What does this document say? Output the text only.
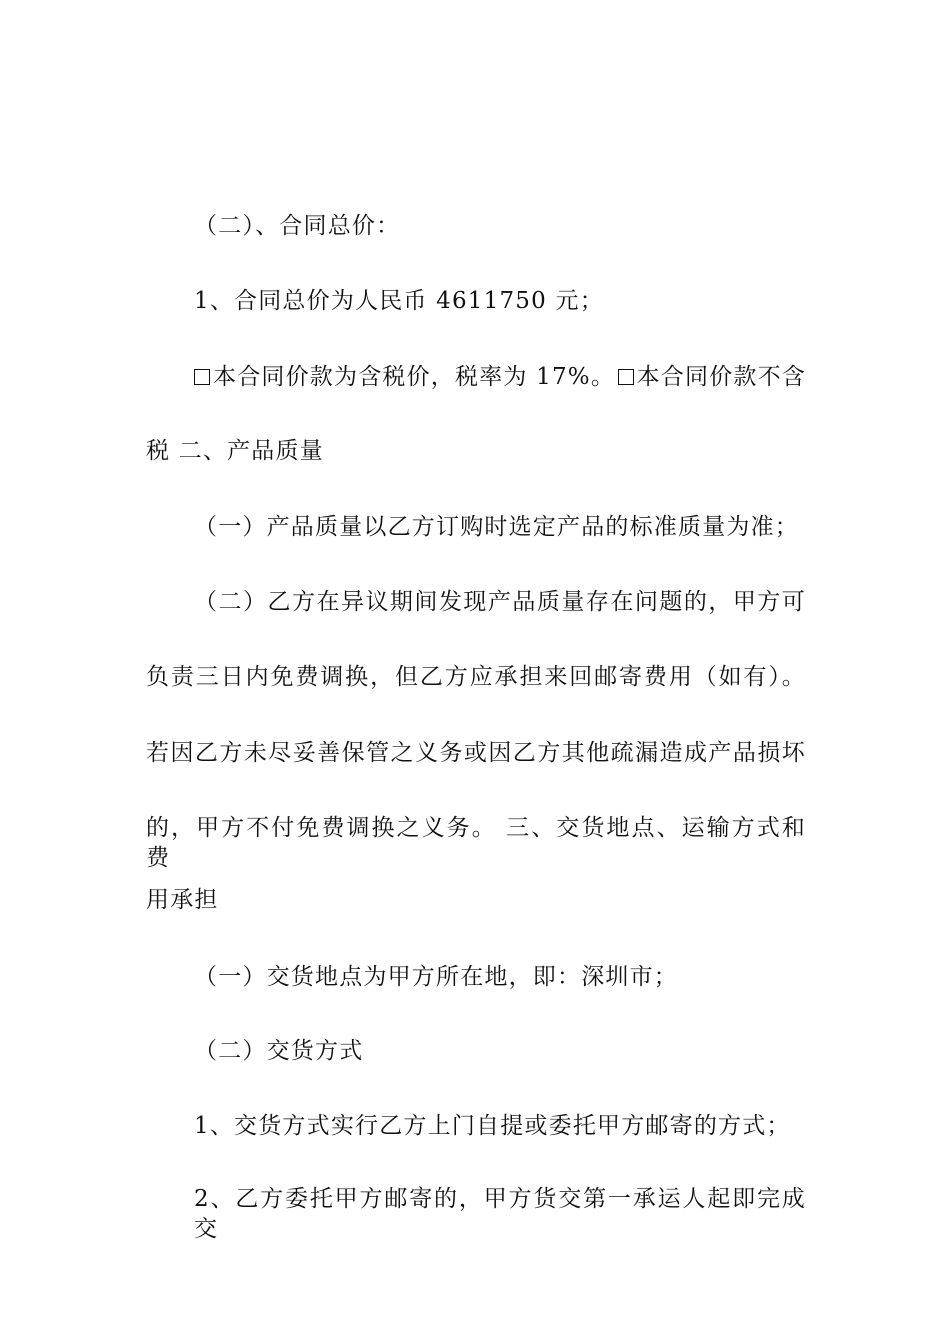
（二）、合同总价：
1、合同总价为人民币 4611750 元；
本合同价款为含税价，税率为 17%。 本合同价款不含
税 二、产品质量
（一）产品质量以乙方订购时选定产品的标准质量为准；
（二）乙方在异议期间发现产品质量存在问题的，甲方可
负责三日内免费调换，但乙方应承担来回邮寄费用（如有）。
若因乙方未尽妥善保管之义务或因乙方其他疏漏造成产品损坏
的，甲方不付免费调换之义务。 三、交货地点、运输方式和费
用承担
（一）交货地点为甲方所在地，即：深圳市；
（二）交货方式
1、交货方式实行乙方上门自提或委托甲方邮寄的方式；
2、乙方委托甲方邮寄的，甲方货交第一承运人起即完成交
